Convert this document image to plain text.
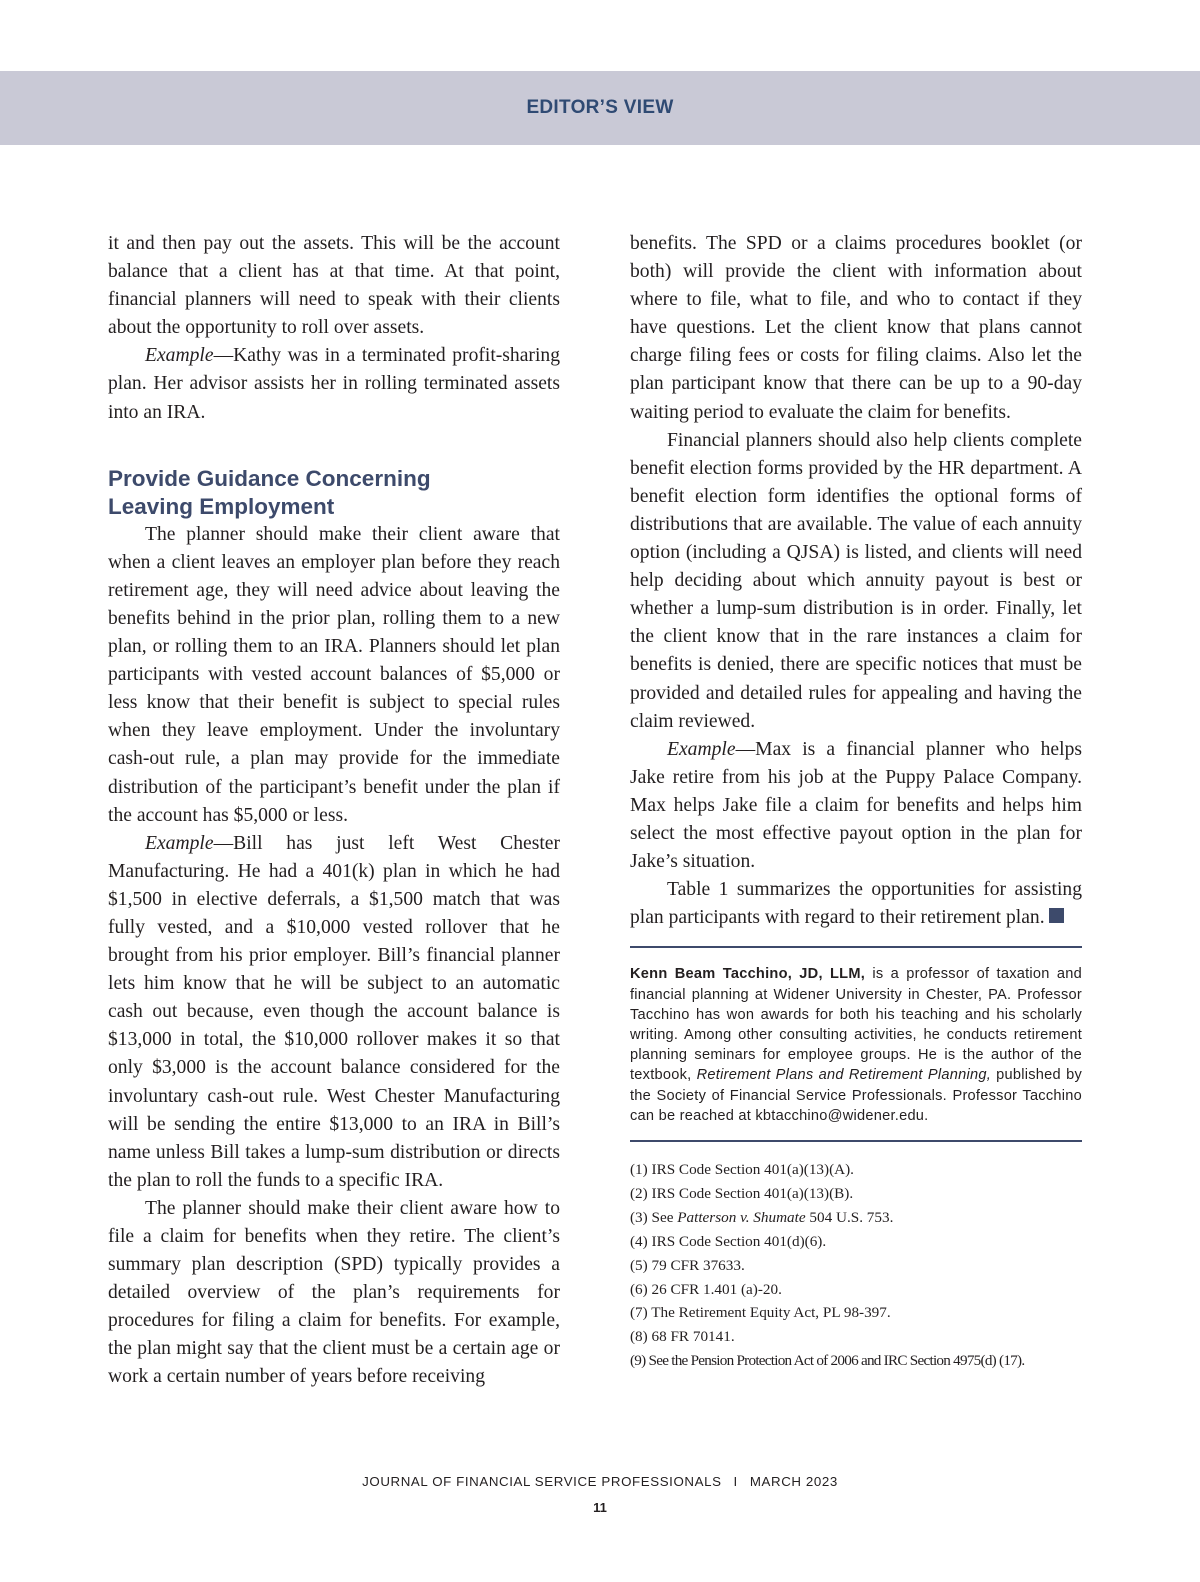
EDITOR’S VIEW

it and then pay out the assets. This will be the account balance that a client has at that time. At that point, financial planners will need to speak with their clients about the opportunity to roll over assets.

Example—Kathy was in a terminated profit-sharing plan. Her advisor assists her in rolling terminated assets into an IRA.

Provide Guidance Concerning
Leaving Employment

The planner should make their client aware that when a client leaves an employer plan before they reach retirement age, they will need advice about leaving the benefits behind in the prior plan, rolling them to a new plan, or rolling them to an IRA. Planners should let plan participants with vested account balances of $5,000 or less know that their benefit is subject to special rules when they leave employment. Under the involuntary cash-out rule, a plan may provide for the immediate distribution of the participant’s benefit under the plan if the account has $5,000 or less.

Example—Bill has just left West Chester Manufacturing. He had a 401(k) plan in which he had $1,500 in elective deferrals, a $1,500 match that was fully vested, and a $10,000 vested rollover that he brought from his prior employer. Bill’s financial planner lets him know that he will be subject to an automatic cash out because, even though the account balance is $13,000 in total, the $10,000 rollover makes it so that only $3,000 is the account balance considered for the involuntary cash-out rule. West Chester Manufacturing will be sending the entire $13,000 to an IRA in Bill’s name unless Bill takes a lump-sum distribution or directs the plan to roll the funds to a specific IRA.

The planner should make their client aware how to file a claim for benefits when they retire. The client’s summary plan description (SPD) typically provides a detailed overview of the plan’s requirements for procedures for filing a claim for benefits. For example, the plan might say that the client must be a certain age or work a certain number of years before receiving

benefits. The SPD or a claims procedures booklet (or both) will provide the client with information about where to file, what to file, and who to contact if they have questions. Let the client know that plans cannot charge filing fees or costs for filing claims. Also let the plan participant know that there can be up to a 90-day waiting period to evaluate the claim for benefits.

Financial planners should also help clients complete benefit election forms provided by the HR department. A benefit election form identifies the optional forms of distributions that are available. The value of each annuity option (including a QJSA) is listed, and clients will need help deciding about which annuity payout is best or whether a lump-sum distribution is in order. Finally, let the client know that in the rare instances a claim for benefits is denied, there are specific notices that must be provided and detailed rules for appealing and having the claim reviewed.

Example—Max is a financial planner who helps Jake retire from his job at the Puppy Palace Company. Max helps Jake file a claim for benefits and helps him select the most effective payout option in the plan for Jake’s situation.

Table 1 summarizes the opportunities for assisting plan participants with regard to their retirement plan.

Kenn Beam Tacchino, JD, LLM, is a professor of taxation and financial planning at Widener University in Chester, PA. Professor Tacchino has won awards for both his teaching and his scholarly writing. Among other consulting activities, he conducts retirement planning seminars for employee groups. He is the author of the textbook, Retirement Plans and Retirement Planning, published by the Society of Financial Service Professionals. Professor Tacchino can be reached at kbtacchino@widener.edu.
(1) IRS Code Section 401(a)(13)(A).
(2) IRS Code Section 401(a)(13)(B).
(3) See Patterson v. Shumate 504 U.S. 753.
(4) IRS Code Section 401(d)(6).
(5) 79 CFR 37633.
(6) 26 CFR 1.401 (a)-20.
(7) The Retirement Equity Act, PL 98-397.
(8) 68 FR 70141.
(9) See the Pension Protection Act of 2006 and IRC Section 4975(d) (17).
JOURNAL OF FINANCIAL SERVICE PROFESSIONALS I MARCH 2023
11
